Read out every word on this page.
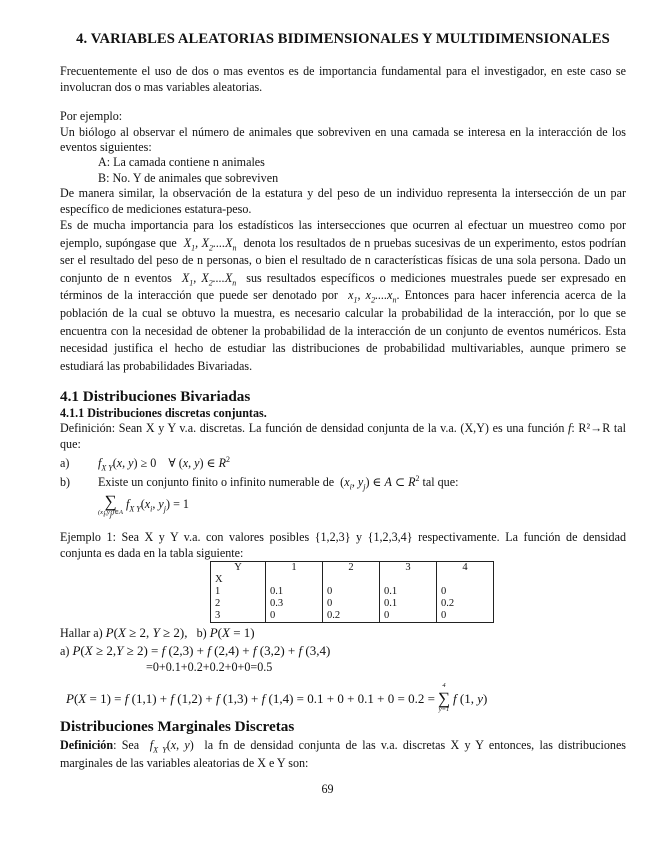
4. VARIABLES ALEATORIAS BIDIMENSIONALES Y MULTIDIMENSIONALES

Frecuentemente el uso de dos o mas eventos es de importancia fundamental para el investigador, en este caso se involucran dos o mas variables aleatorias.

Por ejemplo:

Un biólogo al observar el número de animales que sobreviven en una camada se interesa en la interacción de los eventos siguientes:

A: La camada contiene n animales

B: No. Y de animales que sobreviven

De manera similar, la observación de la estatura y del peso de un individuo representa la intersección de un par específico de mediciones estatura-peso.

Es de mucha importancia para los estadísticos las intersecciones que ocurren al efectuar un muestreo como por ejemplo, supóngase que  $X_1$, $X_2....X_n$ denota los resultados de n pruebas sucesivas de un experimento, estos podrían ser el resultado del peso de n personas, o bien el resultado de n características físicas de una sola persona. Dado un conjunto de n eventos  $X_1$, $X_2....X_n$ sus resultados específicos o mediciones muestrales puede ser expresado en términos de la interacción que puede ser denotado por  $x_1$, $x_2....x_n$. Entonces para hacer inferencia acerca de la población de la cual se obtuvo la muestra, es necesario calcular la probabilidad de la interacción, por lo que se encuentra con la necesidad de obtener la probabilidad de la interacción de un conjunto de eventos numéricos. Esta necesidad justifica el hecho de estudiar las distribuciones de probabilidad multivariables, aunque primero se estudiará las probabilidades Bivariadas.

4.1 Distribuciones Bivariadas
4.1.1 Distribuciones discretas conjuntas.

Definición: Sean X y Y v.a. discretas. La función de densidad conjunta de la v.a. (X,Y) es una función f: R²→R tal que:

a)	$f_{X Y}(x$, y) ≥ 0    ∀ (x, y) ∈ $R^2$
b)	Existe un conjunto finito o infinito numerable de  ($x_i$, $y_j$) ∈ A ⊂ $R^2$ tal que:
∑
$(x_i,y_j)\in A$
$f_{X Y}(x_i$, $y_j) = 1$

Ejemplo 1: Sea X y Y v.a. con valores posibles {1,2,3} y {1,2,3,4} respectivamente. La función de densidad conjunta es dada en la tabla siguiente:

Y	1	2	3	4
X				
1	0.1	0	0.1	0
2	0.3	0	0.1	0.2
3	0	0.2	0	0

Hallar a) P(X ≥ 2, Y ≥ 2), b) P(X = 1)

a) P(X ≥ 2,Y ≥ 2) = f (2,3) + f (2,4) + f (3,2) + f (3,4)

=0+0.1+0.2+0.2+0+0=0.5

P(X = 1) = f (1,1) + f (1,2) + f (1,3) + f (1,4) = 0.1 + 0 + 0.1 + 0 = 0.2 =
4
∑
y=1
f (1, y)

Distribuciones Marginales Discretas

Definición: Sea $f_{X Y}(x$, y)  la fn de densidad conjunta de las v.a. discretas X y Y entonces, las distribuciones marginales de las variables aleatorias de X e Y son:

69
